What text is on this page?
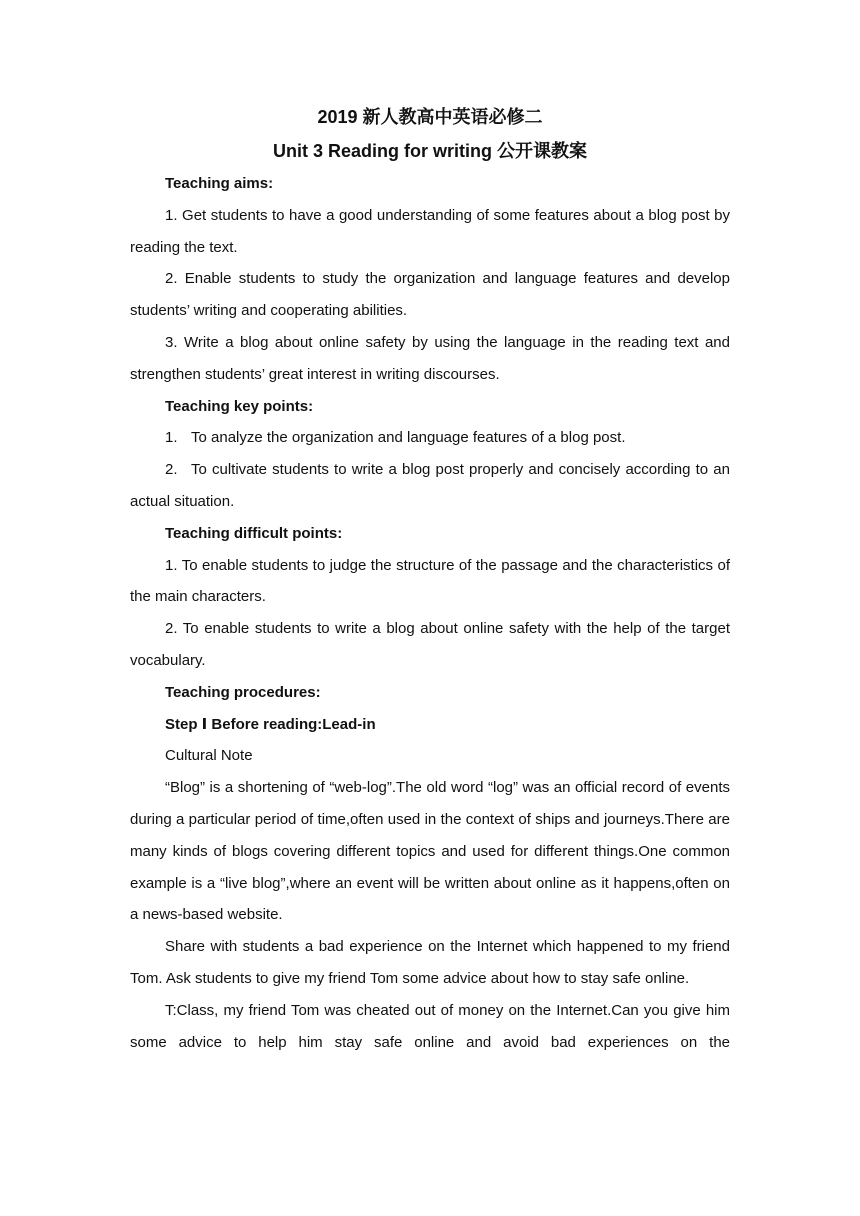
2019 新人教高中英语必修二

Unit 3 Reading for writing 公开课教案

Teaching aims:

1. Get students to have a good understanding of some features about a blog post by reading the text.

2. Enable students to study the organization and language features and develop students’ writing and cooperating abilities.

3. Write a blog about online safety by using the language in the reading text and strengthen students’ great interest in writing discourses.

Teaching key points:

1. To analyze the organization and language features of a blog post.

2. To cultivate students to write a blog post properly and concisely according to an actual situation.

Teaching difficult points:

1. To enable students to judge the structure of the passage and the characteristics of the main characters.

2. To enable students to write a blog about online safety with the help of the target vocabulary.

Teaching procedures:

Step Ⅰ Before reading:Lead-in

Cultural Note

“Blog” is a shortening of “web-log”.The old word “log” was an official record of events during a particular period of time,often used in the context of ships and journeys.There are many kinds of blogs covering different topics and used for different things.One common example is a “live blog”,where an event will be written about online as it happens,often on a news-based website.

Share with students a bad experience on the Internet which happened to my friend Tom. Ask students to give my friend Tom some advice about how to stay safe online.

T:Class, my friend Tom was cheated out of money on the Internet.Can you give him some advice to help him stay safe online and avoid bad experiences on the
